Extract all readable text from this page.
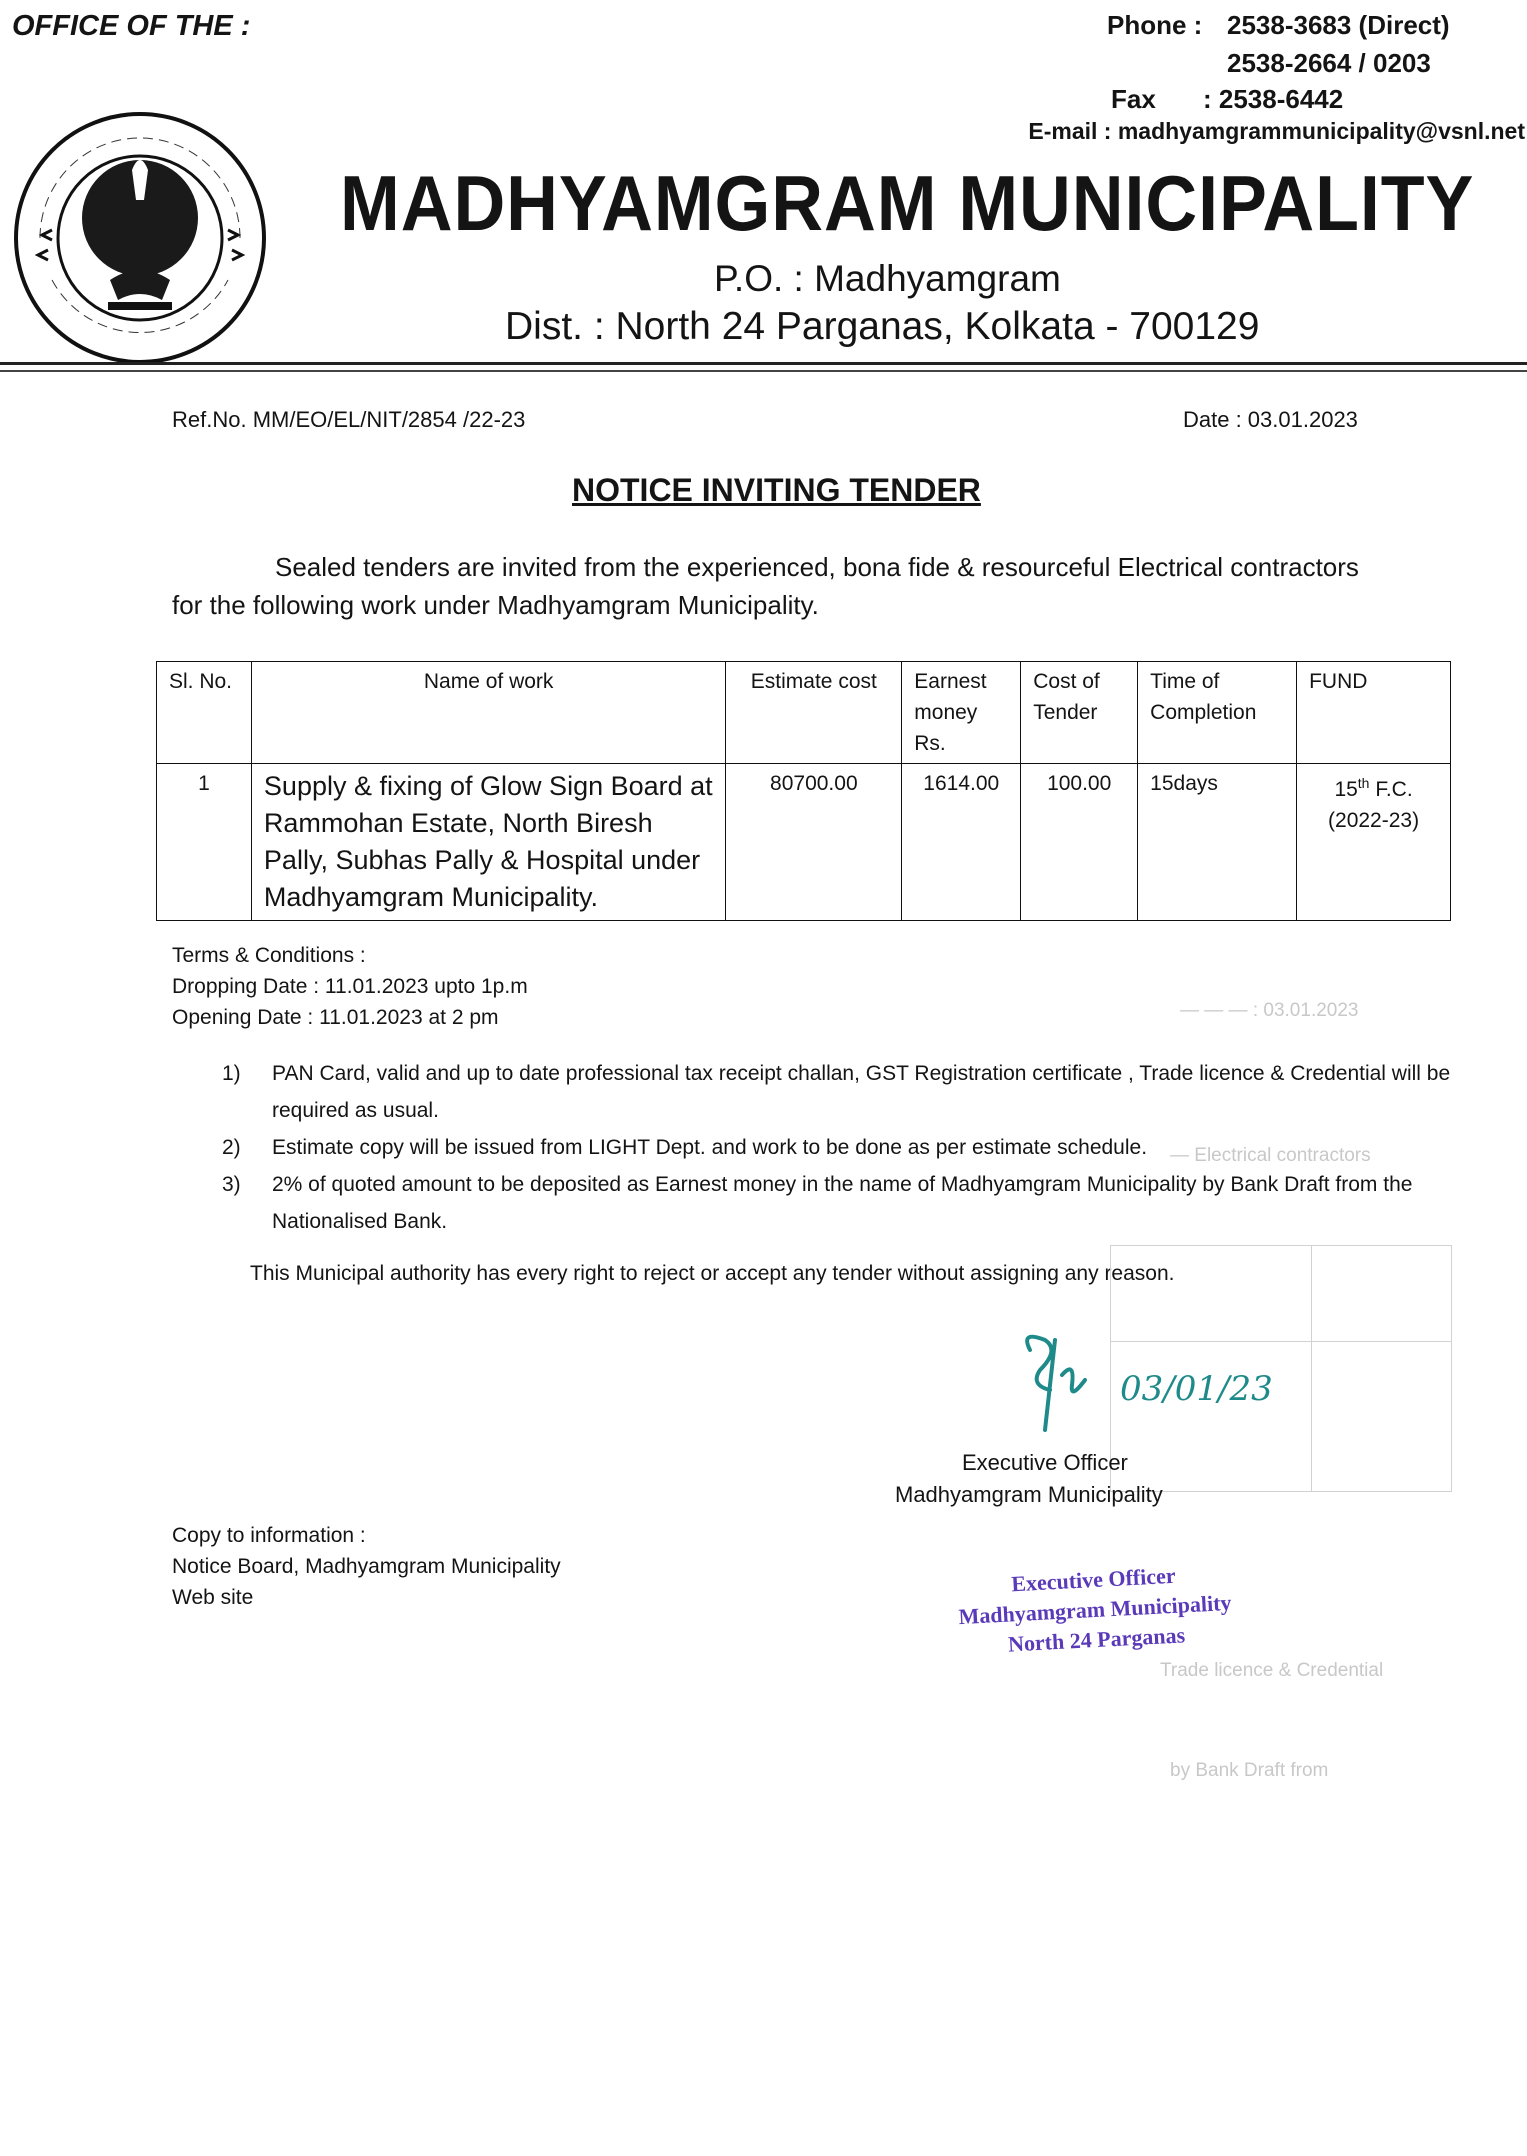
OFFICE OF THE :	Phone : 2538-3683 (Direct)
2538-2664 / 0203
Fax : 2538-6442
E-mail : madhyamgrammunicipality@vsnl.net
MADHYAMGRAM MUNICIPALITY
P.O. : Madhyamgram
Dist. : North 24 Parganas, Kolkata - 700129
Ref.No. MM/EO/EL/NIT/2854 /22-23	Date : 03.01.2023
NOTICE INVITING TENDER
Sealed tenders are invited from the experienced, bona fide & resourceful Electrical contractors
for the following work under Madhyamgram Municipality.
— — — : 03.01.2023
— Electrical contractors
Trade licence & Credential
by Bank Draft from
Sl. No.	Name of work	Estimate cost	Earnest money Rs.	Cost of Tender	Time of Completion	FUND
1	Supply & fixing of Glow Sign Board at Rammohan Estate, North Biresh Pally, Subhas Pally & Hospital under Madhyamgram Municipality.	80700.00	1614.00	100.00	15days	15th F.C.
(2022-23)
Terms & Conditions :
Dropping Date : 11.01.2023 upto 1p.m
Opening Date : 11.01.2023 at 2 pm
1) PAN Card, valid and up to date professional tax receipt challan, GST Registration certificate , Trade licence & Credential will be required as usual.
2) Estimate copy will be issued from LIGHT Dept. and work to be done as per estimate schedule.
3) 2% of quoted amount to be deposited as Earnest money in the name of Madhyamgram Municipality by Bank Draft from the Nationalised Bank.
This Municipal authority has every right to reject or accept any tender without assigning any reason.
03/01/23
Executive Officer
Madhyamgram Municipality
Copy to information :
Notice Board, Madhyamgram Municipality
Web site
Executive Officer
Madhyamgram Municipality
North 24 Parganas
